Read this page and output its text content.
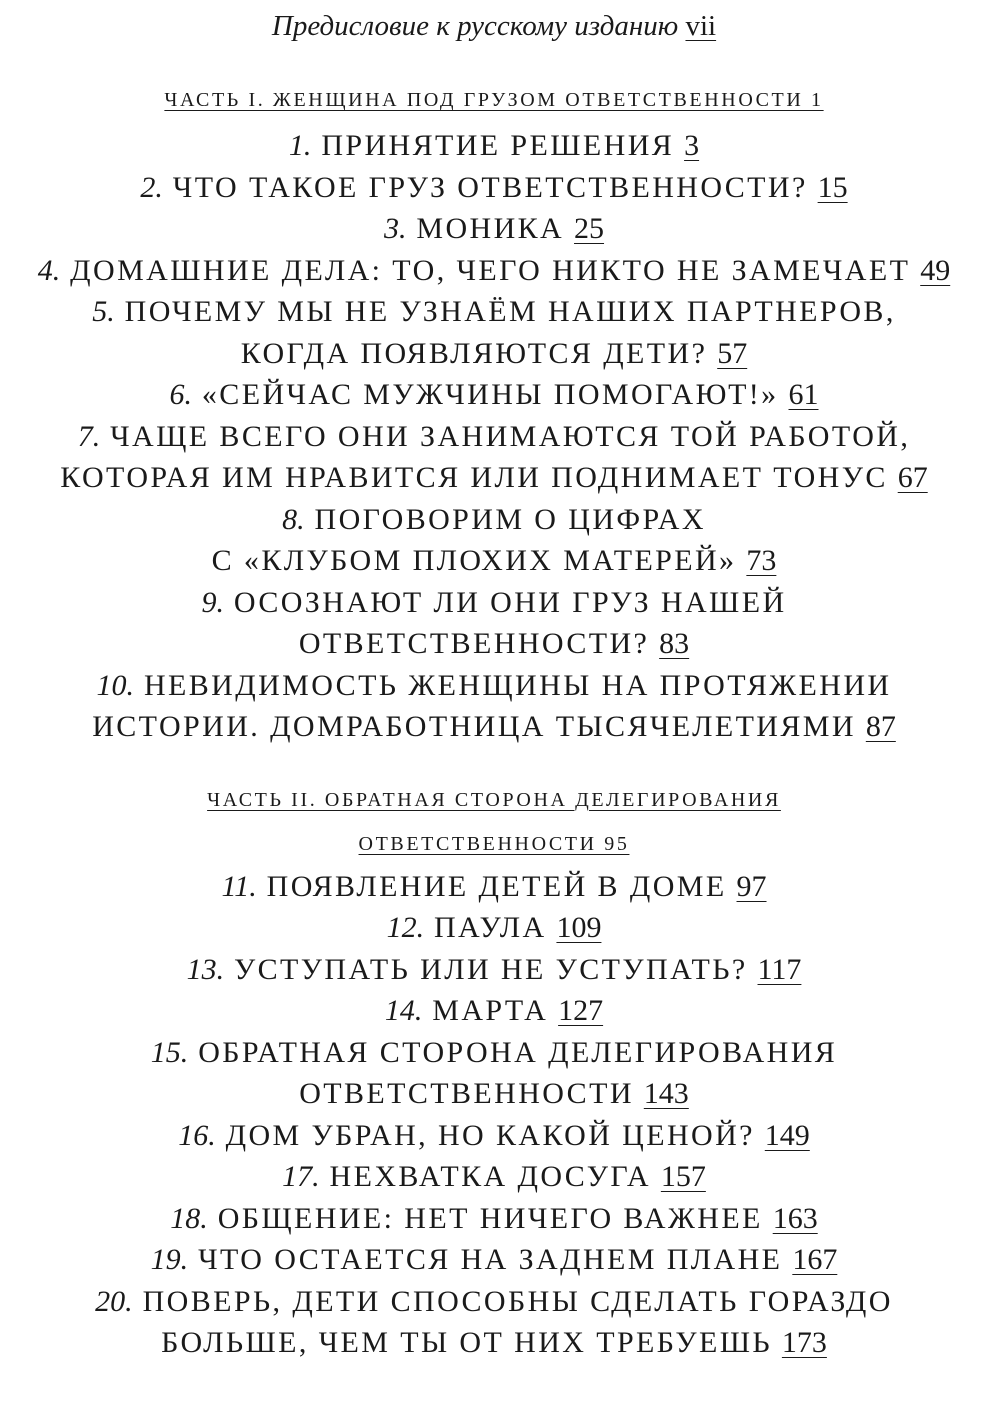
Предисловие к русскому изданию vii
ЧАСТЬ I. ЖЕНЩИНА ПОД ГРУЗОМ ОТВЕТСТВЕННОСТИ 1
1. ПРИНЯТИЕ РЕШЕНИЯ 3
2. ЧТО ТАКОЕ ГРУЗ ОТВЕТСТВЕННОСТИ? 15
3. МОНИКА 25
4. ДОМАШНИЕ ДЕЛА: ТО, ЧЕГО НИКТО НЕ ЗАМЕЧАЕТ 49
5. ПОЧЕМУ МЫ НЕ УЗНАЁМ НАШИХ ПАРТНЕРОВ,
КОГДА ПОЯВЛЯЮТСЯ ДЕТИ? 57
6. «СЕЙЧАС МУЖЧИНЫ ПОМОГАЮТ!» 61
7. ЧАЩЕ ВСЕГО ОНИ ЗАНИМАЮТСЯ ТОЙ РАБОТОЙ,
КОТОРАЯ ИМ НРАВИТСЯ ИЛИ ПОДНИМАЕТ ТОНУС 67
8. ПОГОВОРИМ О ЦИФРАХ
С «КЛУБОМ ПЛОХИХ МАТЕРЕЙ» 73
9. ОСОЗНАЮТ ЛИ ОНИ ГРУЗ НАШЕЙ
ОТВЕТСТВЕННОСТИ? 83
10. НЕВИДИМОСТЬ ЖЕНЩИНЫ НА ПРОТЯЖЕНИИ
ИСТОРИИ. ДОМРАБОТНИЦА ТЫСЯЧЕЛЕТИЯМИ 87
ЧАСТЬ II. ОБРАТНАЯ СТОРОНА ДЕЛЕГИРОВАНИЯ
ОТВЕТСТВЕННОСТИ 95
11. ПОЯВЛЕНИЕ ДЕТЕЙ В ДОМЕ 97
12. ПАУЛА 109
13. УСТУПАТЬ ИЛИ НЕ УСТУПАТЬ? 117
14. МАРТА 127
15. ОБРАТНАЯ СТОРОНА ДЕЛЕГИРОВАНИЯ
ОТВЕТСТВЕННОСТИ 143
16. ДОМ УБРАН, НО КАКОЙ ЦЕНОЙ? 149
17. НЕХВАТКА ДОСУГА 157
18. ОБЩЕНИЕ: НЕТ НИЧЕГО ВАЖНЕЕ 163
19. ЧТО ОСТАЕТСЯ НА ЗАДНЕМ ПЛАНЕ 167
20. ПОВЕРЬ, ДЕТИ СПОСОБНЫ СДЕЛАТЬ ГОРАЗДО
БОЛЬШЕ, ЧЕМ ТЫ ОТ НИХ ТРЕБУЕШЬ 173
